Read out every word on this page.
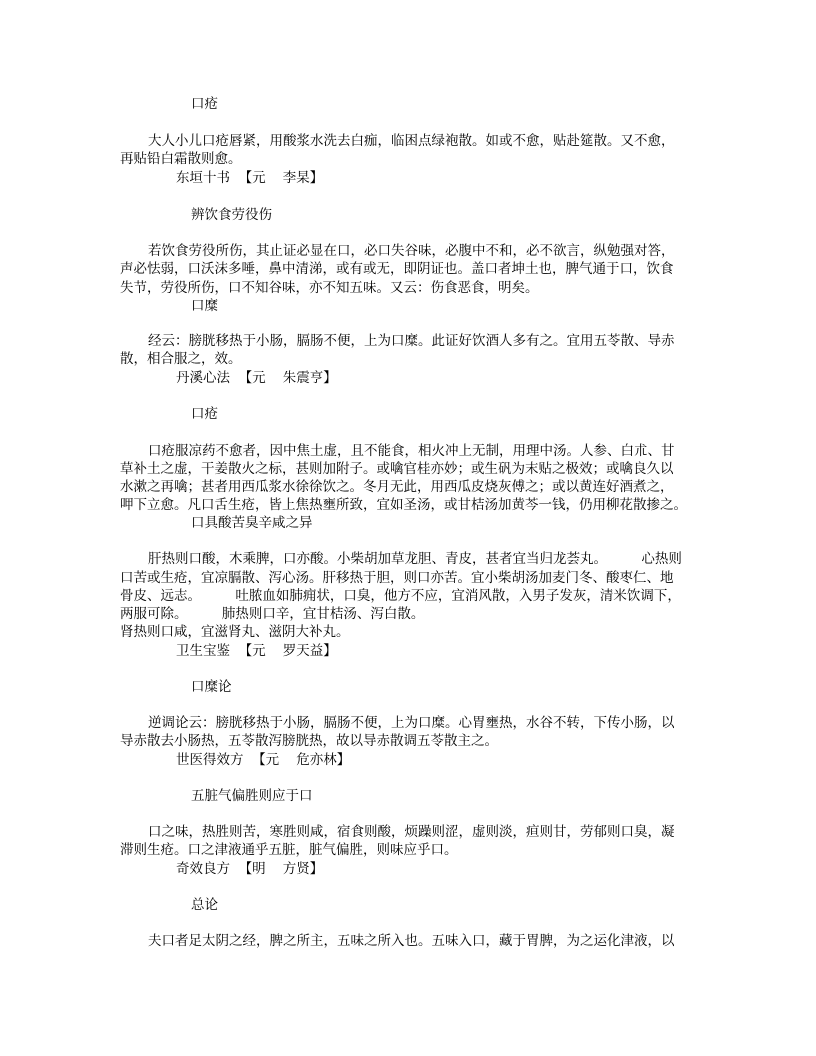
口疮
大人小儿口疮唇紧，用酸浆水洗去白痂，临困点绿袍散。如或不愈，贴赴筵散。又不愈，
再贴铅白霜散则愈。
东垣十书  【元    李杲】
辨饮食劳役伤
若饮食劳役所伤，其止证必显在口，必口失谷味，必腹中不和，必不欲言，纵勉强对答，
声必怯弱，口沃沫多唾，鼻中清涕，或有或无，即阴证也。盖口者坤土也，脾气通于口，饮食
失节，劳役所伤，口不知谷味，亦不知五味。又云：伤食恶食，明矣。
口糜
经云：膀胱移热于小肠，膈肠不便，上为口糜。此证好饮酒人多有之。宜用五苓散、导赤
散，相合服之，效。
丹溪心法  【元    朱震亨】
口疮
口疮服凉药不愈者，因中焦土虚，且不能食，相火冲上无制，用理中汤。人参、白朮、甘
草补土之虚，干姜散火之标，甚则加附子。或噙官桂亦妙；或生矾为末贴之极效；或噙良久以
水漱之再噙；甚者用西瓜浆水徐徐饮之。冬月无此，用西瓜皮烧灰傅之；或以黄连好酒煮之，
呷下立愈。凡口舌生疮，皆上焦热壅所致，宜如圣汤，或甘桔汤加黄芩一钱，仍用柳花散掺之。
口具酸苦臭辛咸之异
肝热则口酸，木乘脾，口亦酸。小柴胡加草龙胆、青皮，甚者宜当归龙荟丸。        心热则
口苦或生疮，宜凉膈散、泻心汤。肝移热于胆，则口亦苦。宜小柴胡汤加麦门冬、酸枣仁、地
骨皮、远志。        吐脓血如肺痈状，口臭，他方不应，宜消风散，入男子发灰，清米饮调下，
两服可除。        肺热则口辛，宜甘桔汤、泻白散。
肾热则口咸，宜滋肾丸、滋阴大补丸。
卫生宝鉴  【元    罗天益】
口糜论
逆调论云：膀胱移热于小肠，膈肠不便，上为口糜。心胃壅热，水谷不转，下传小肠，以
导赤散去小肠热，五苓散泻膀胱热，故以导赤散调五苓散主之。
世医得效方  【元    危亦林】
五脏气偏胜则应于口
口之味，热胜则苦，寒胜则咸，宿食则酸，烦躁则涩，虚则淡，疸则甘，劳郁则口臭，凝
滞则生疮。口之津液通乎五脏，脏气偏胜，则味应乎口。
奇效良方  【明    方贤】
总论
夫口者足太阴之经，脾之所主，五味之所入也。五味入口，藏于胃脾，为之运化津液，以
